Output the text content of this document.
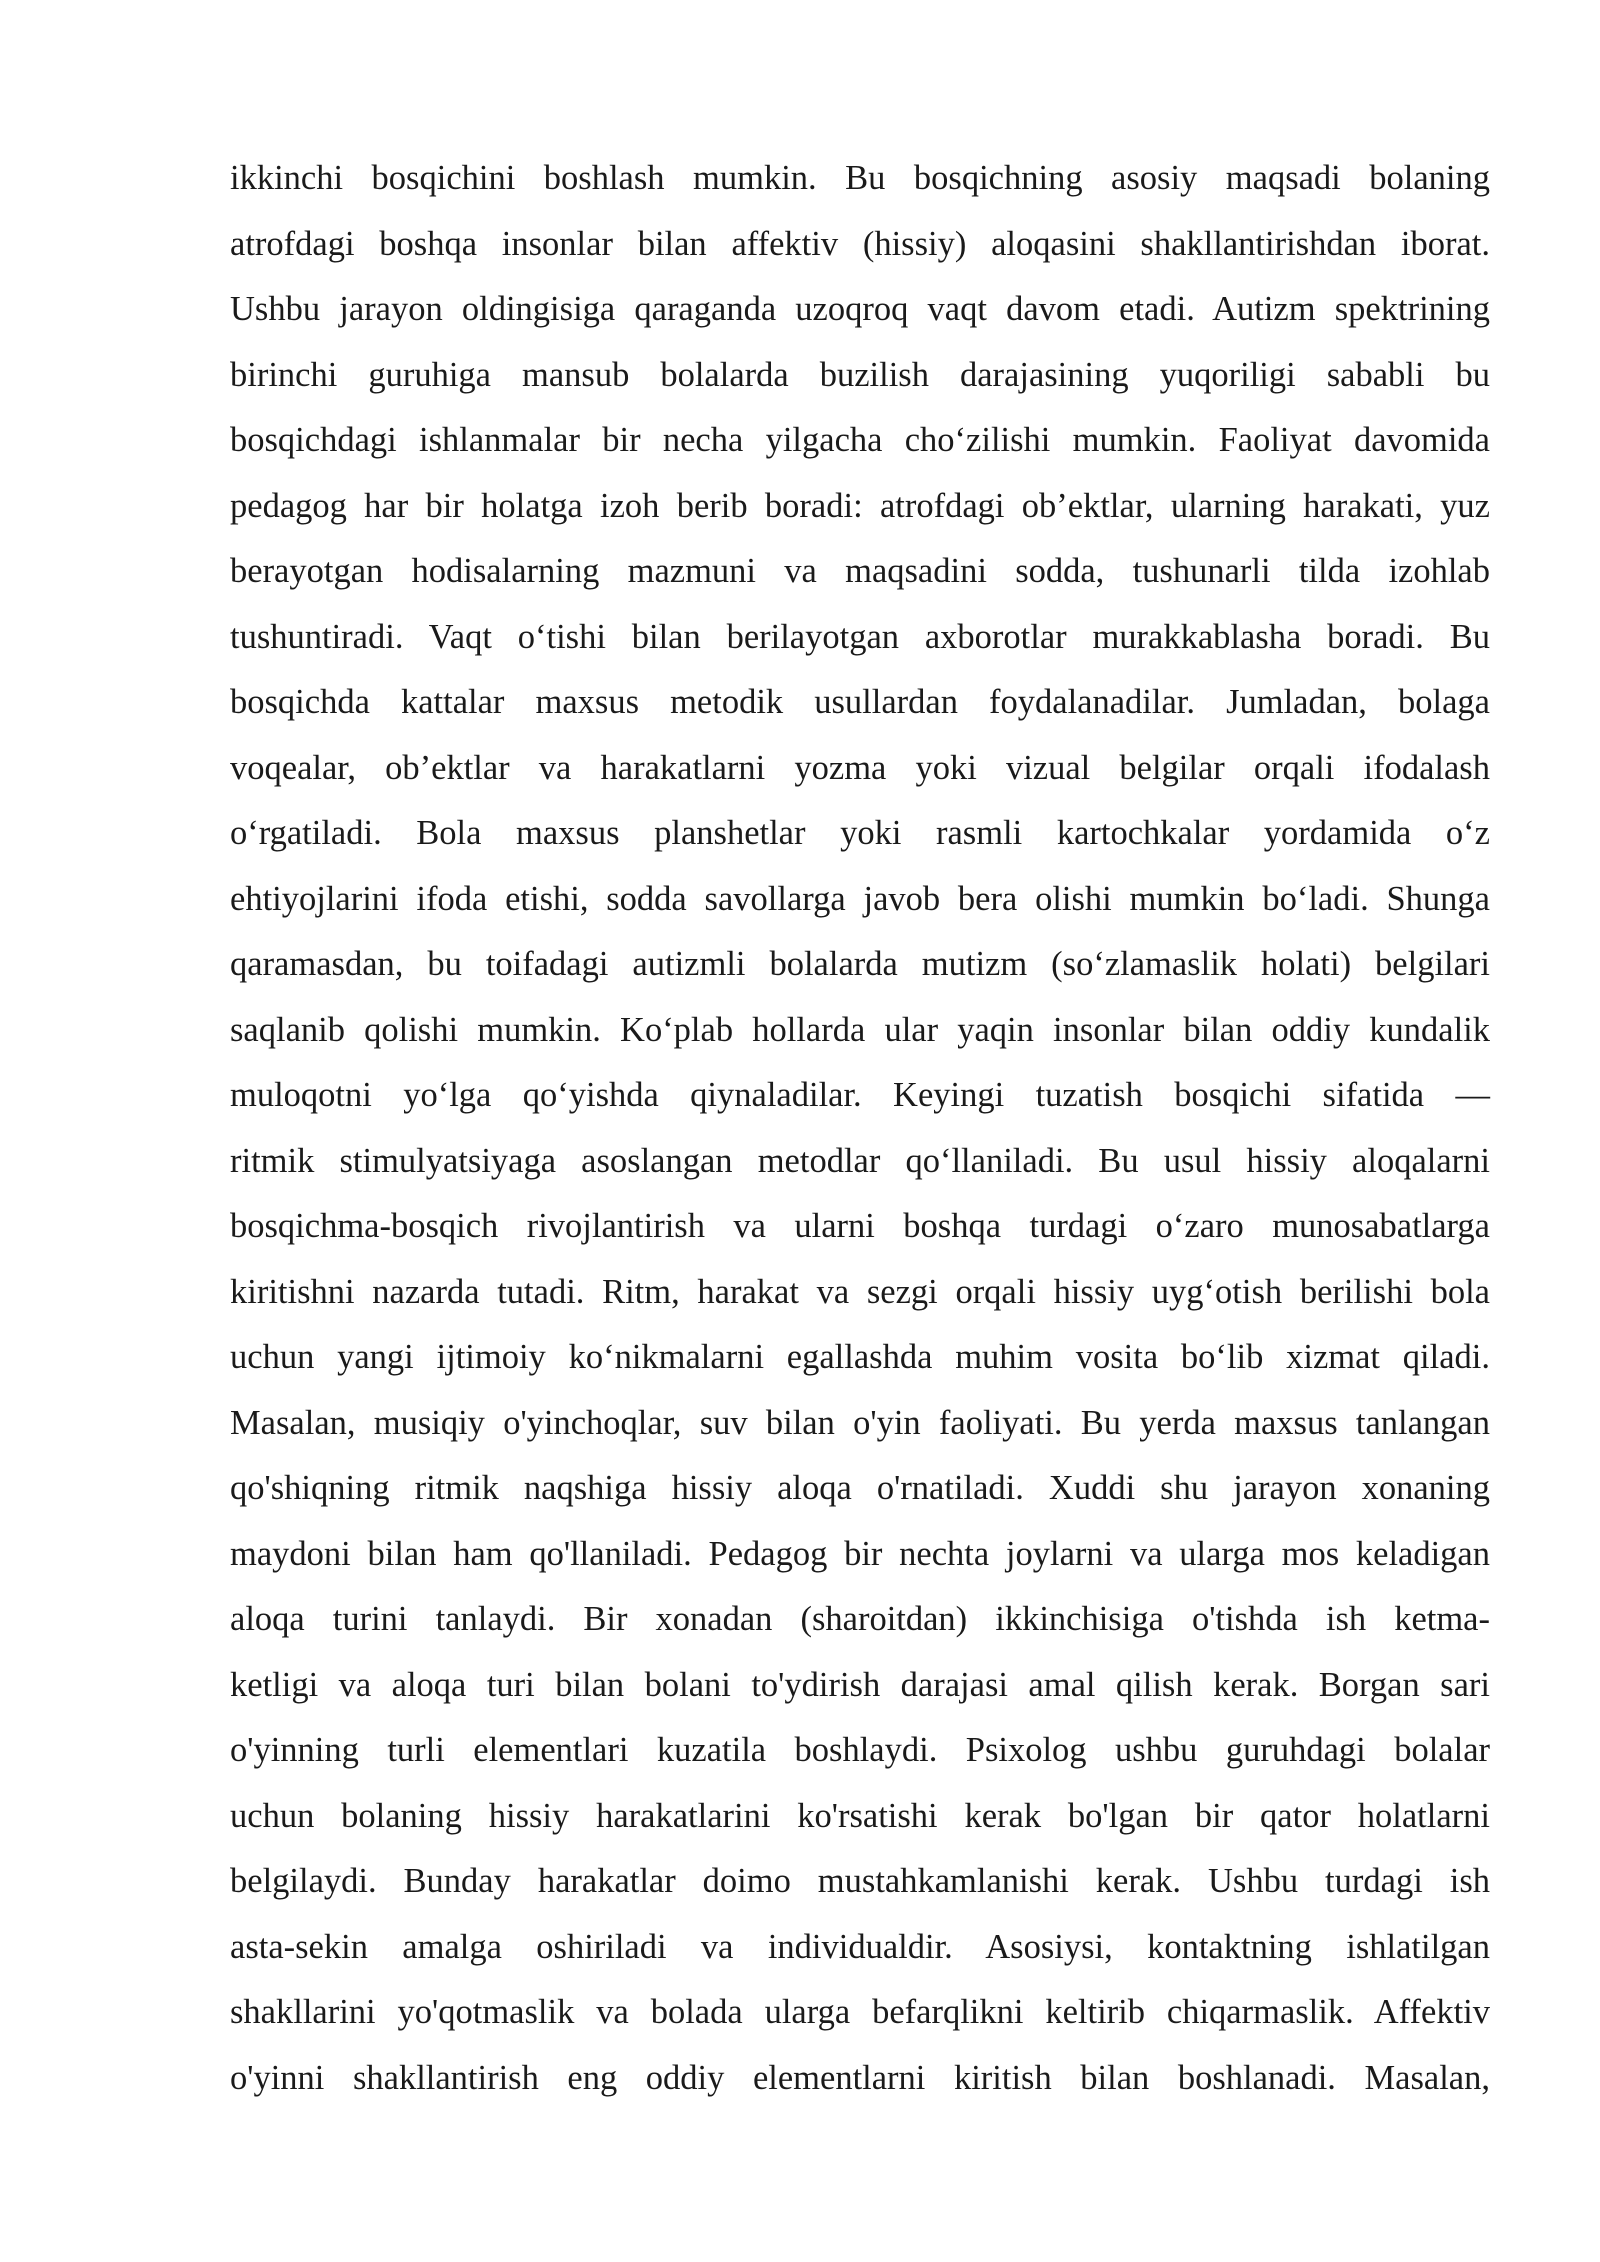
ikkinchi bosqichini boshlash mumkin. Bu bosqichning asosiy maqsadi bolaning
atrofdagi boshqa insonlar bilan affektiv (hissiy) aloqasini shakllantirishdan iborat.
Ushbu jarayon oldingisiga qaraganda uzoqroq vaqt davom etadi. Autizm spektrining
birinchi guruhiga mansub bolalarda buzilish darajasining yuqoriligi sababli bu
bosqichdagi ishlanmalar bir necha yilgacha cho‘zilishi mumkin. Faoliyat davomida
pedagog har bir holatga izoh berib boradi: atrofdagi ob’ektlar, ularning harakati, yuz
berayotgan hodisalarning mazmuni va maqsadini sodda, tushunarli tilda izohlab
tushuntiradi. Vaqt o‘tishi bilan berilayotgan axborotlar murakkablasha boradi. Bu
bosqichda kattalar maxsus metodik usullardan foydalanadilar. Jumladan, bolaga
voqealar, ob’ektlar va harakatlarni yozma yoki vizual belgilar orqali ifodalash
o‘rgatiladi. Bola maxsus planshetlar yoki rasmli kartochkalar yordamida o‘z
ehtiyojlarini ifoda etishi, sodda savollarga javob bera olishi mumkin bo‘ladi. Shunga
qaramasdan, bu toifadagi autizmli bolalarda mutizm (so‘zlamaslik holati) belgilari
saqlanib qolishi mumkin. Ko‘plab hollarda ular yaqin insonlar bilan oddiy kundalik
muloqotni yo‘lga qo‘yishda qiynaladilar. Keyingi tuzatish bosqichi sifatida —
ritmik stimulyatsiyaga asoslangan metodlar qo‘llaniladi. Bu usul hissiy aloqalarni
bosqichma-bosqich rivojlantirish va ularni boshqa turdagi o‘zaro munosabatlarga
kiritishni nazarda tutadi. Ritm, harakat va sezgi orqali hissiy uyg‘otish berilishi bola
uchun yangi ijtimoiy ko‘nikmalarni egallashda muhim vosita bo‘lib xizmat qiladi.
Masalan, musiqiy o'yinchoqlar, suv bilan o'yin faoliyati. Bu yerda maxsus tanlangan
qo'shiqning ritmik naqshiga hissiy aloqa o'rnatiladi. Xuddi shu jarayon xonaning
maydoni bilan ham qo'llaniladi. Pedagog bir nechta joylarni va ularga mos keladigan
aloqa turini tanlaydi. Bir xonadan (sharoitdan) ikkinchisiga o'tishda ish ketma-
ketligi va aloqa turi bilan bolani to'ydirish darajasi amal qilish kerak. Borgan sari
o'yinning turli elementlari kuzatila boshlaydi. Psixolog ushbu guruhdagi bolalar
uchun bolaning hissiy harakatlarini ko'rsatishi kerak bo'lgan bir qator holatlarni
belgilaydi. Bunday harakatlar doimo mustahkamlanishi kerak. Ushbu turdagi ish
asta-sekin amalga oshiriladi va individualdir. Asosiysi, kontaktning ishlatilgan
shakllarini yo'qotmaslik va bolada ularga befarqlikni keltirib chiqarmaslik. Affektiv
o'yinni shakllantirish eng oddiy elementlarni kiritish bilan boshlanadi. Masalan,
